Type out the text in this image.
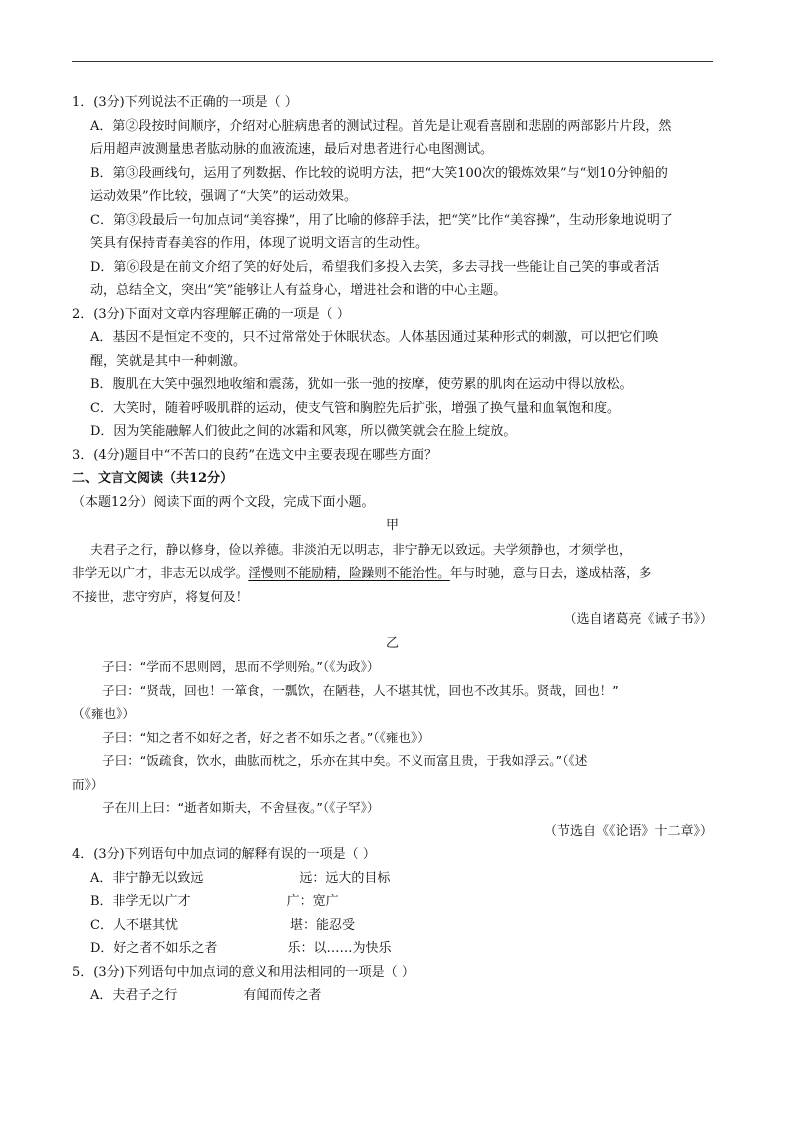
1．(3分)下列说法不正确的一项是（ ）
A．第②段按时间顺序，介绍对心脏病患者的测试过程。首先是让观看喜剧和悲剧的两部影片片段，然
后用超声波测量患者肱动脉的血液流速，最后对患者进行心电图测试。
B．第③段画线句，运用了列数据、作比较的说明方法，把“大笑100次的锻炼效果”与“划10分钟船的
运动效果”作比较，强调了“大笑”的运动效果。
C．第③段最后一句加点词“美容操”，用了比喻的修辞手法，把“笑”比作“美容操”，生动形象地说明了
笑具有保持青春美容的作用，体现了说明文语言的生动性。
D．第⑥段是在前文介绍了笑的好处后，希望我们多投入去笑，多去寻找一些能让自己笑的事或者活
动，总结全文，突出“笑”能够让人有益身心，增进社会和谐的中心主题。
2．(3分)下面对文章内容理解正确的一项是（ ）
A．基因不是恒定不变的，只不过常常处于休眠状态。人体基因通过某种形式的刺激，可以把它们唤
醒，笑就是其中一种刺激。
B．腹肌在大笑中强烈地收缩和震荡，犹如一张一弛的按摩，使劳累的肌肉在运动中得以放松。
C．大笑时，随着呼吸肌群的运动，使支气管和胸腔先后扩张，增强了换气量和血氧饱和度。
D．因为笑能融解人们彼此之间的冰霜和风寒，所以微笑就会在脸上绽放。
3．(4分)题目中“不苦口的良药”在选文中主要表现在哪些方面？
二、文言文阅读（共12分）
（本题12分）阅读下面的两个文段，完成下面小题。
甲
夫君子之行，静以修身，俭以养德。非淡泊无以明志，非宁静无以致远。夫学须静也，才须学也，
非学无以广才，非志无以成学。淫慢则不能励精，险躁则不能治性。年与时驰，意与日去，遂成枯落，多
不接世，悲守穷庐，将复何及！
（选自诸葛亮《诫子书》）
乙
子曰：“学而不思则罔，思而不学则殆。”（《为政》）
子曰：“贤哉，回也！一箪食，一瓢饮，在陋巷，人不堪其忧，回也不改其乐。贤哉，回也！”
（《雍也》）
子曰：“知之者不如好之者，好之者不如乐之者。”（《雍也》）
子曰：“饭疏食，饮水，曲肱而枕之，乐亦在其中矣。不义而富且贵，于我如浮云。”（《述
而》）
子在川上曰：“逝者如斯夫，不舍昼夜。”（《子罕》）
（节选自《《论语》十二章》）
4．(3分)下列语句中加点词的解释有误的一项是（ ）
A．非宁静无以致远	远：远大的目标
B．非学无以广才	广：宽广
C．人不堪其忧	堪：能忍受
D．好之者不如乐之者	乐：以……为快乐
5．(3分)下列语句中加点词的意义和用法相同的一项是（ ）
A．夫君子之行	有闻而传之者
